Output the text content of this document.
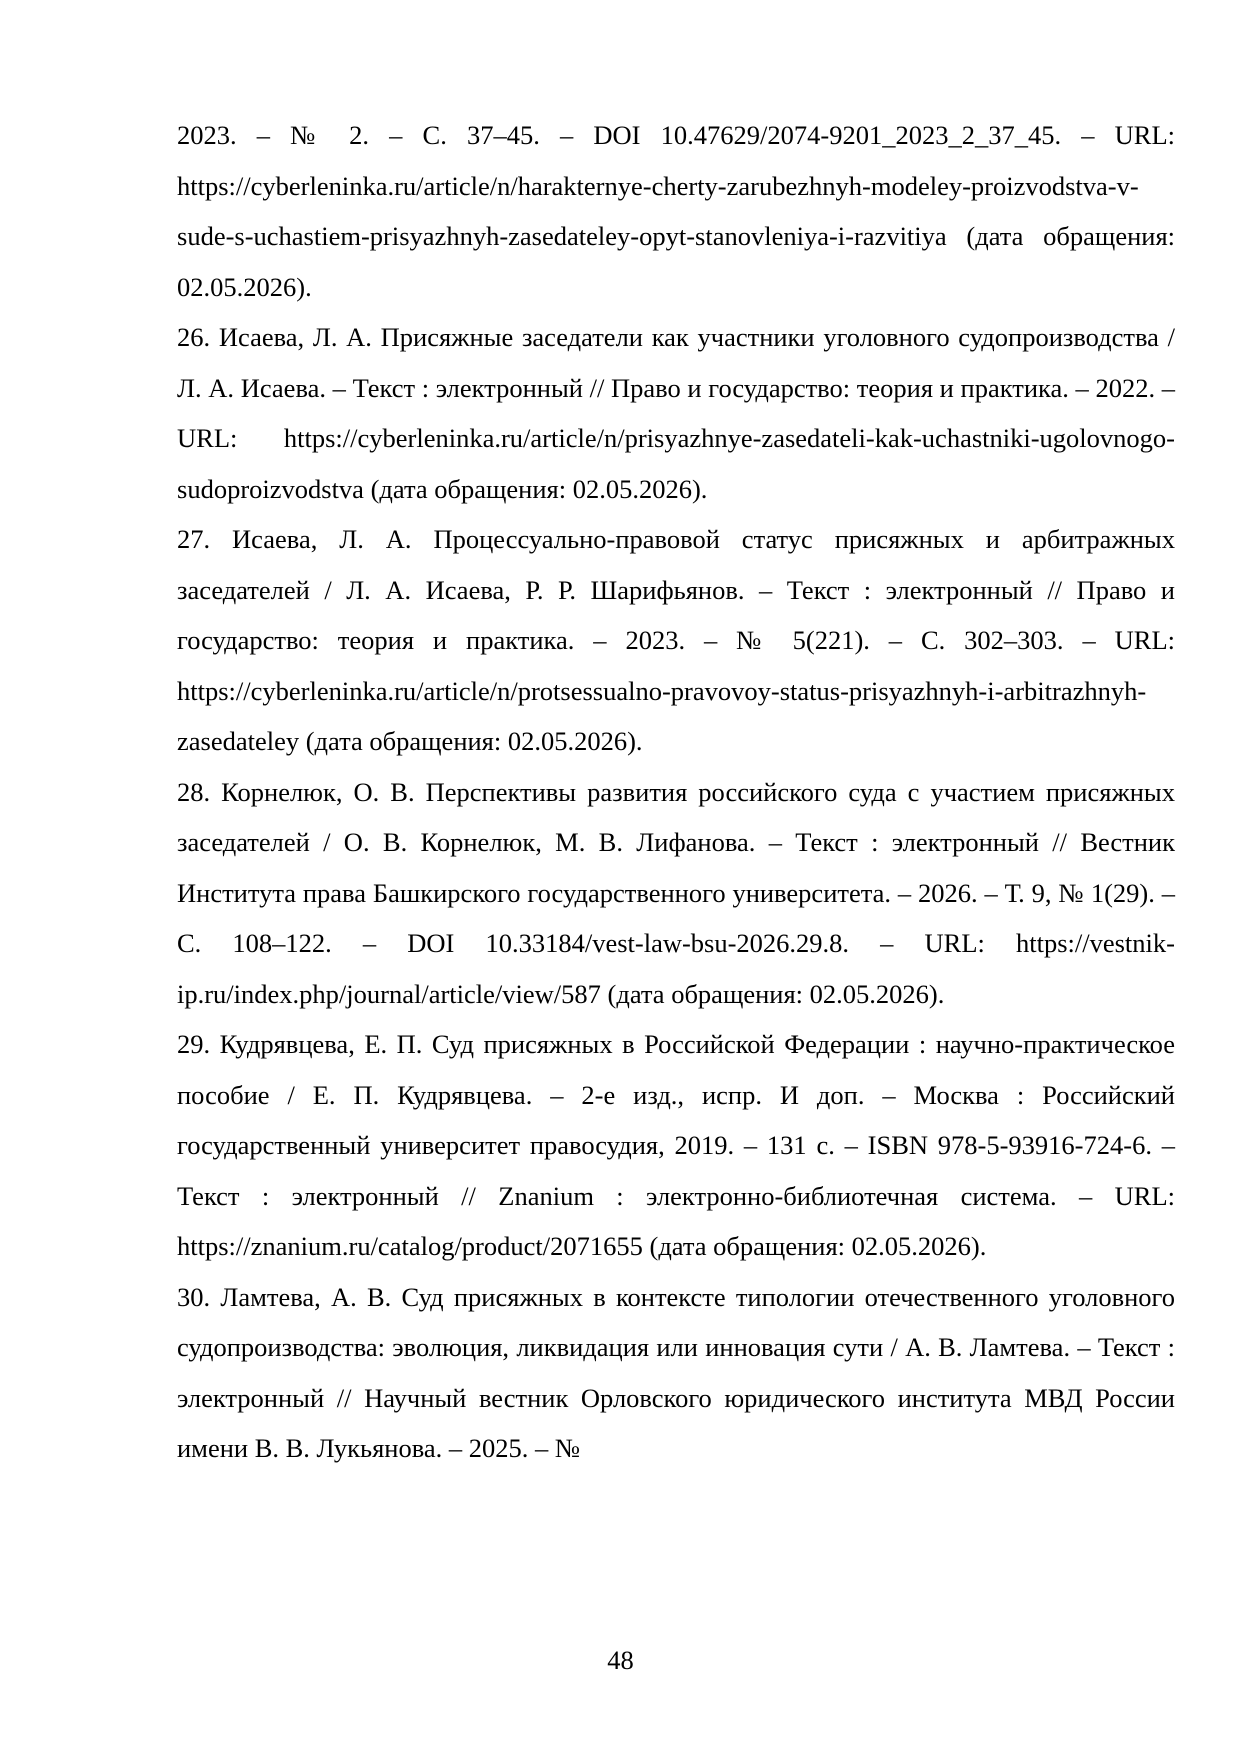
2023. – № 2. – С. 37–45. – DOI 10.47629/2074-9201_2023_2_37_45. – URL: https://cyberleninka.ru/article/n/harakternye-cherty-zarubezhnyh-modeley-proizvodstva-v-sude-s-uchastiem-prisyazhnyh-zasedateley-opyt-stanovleniya-i-razvitiya (дата обращения: 02.05.2026).

26. Исаева, Л. А. Присяжные заседатели как участники уголовного судопроизводства / Л. А. Исаева. – Текст : электронный // Право и государство: теория и практика. – 2022. – URL: https://cyberleninka.ru/article/n/prisyazhnye-zasedateli-kak-uchastniki-ugolovnogo-sudoproizvodstva (дата обращения: 02.05.2026).

27. Исаева, Л. А. Процессуально-правовой статус присяжных и арбитражных заседателей / Л. А. Исаева, Р. Р. Шарифьянов. – Текст : электронный // Право и государство: теория и практика. – 2023. – № 5(221). – С. 302–303. – URL: https://cyberleninka.ru/article/n/protsessualno-pravovoy-status-prisyazhnyh-i-arbitrazhnyh-zasedateley (дата обращения: 02.05.2026).

28. Корнелюк, О. В. Перспективы развития российского суда с участием присяжных заседателей / О. В. Корнелюк, М. В. Лифанова. – Текст : электронный // Вестник Института права Башкирского государственного университета. – 2026. – Т. 9, № 1(29). – С. 108–122. – DOI 10.33184/vest-law-bsu-2026.29.8. – URL: https://vestnik-ip.ru/index.php/journal/article/view/587 (дата обращения: 02.05.2026).

29. Кудрявцева, Е. П. Суд присяжных в Российской Федерации : научно-практическое пособие / Е. П. Кудрявцева. – 2-е изд., испр. И доп. – Москва : Российский государственный университет правосудия, 2019. – 131 с. – ISBN 978-5-93916-724-6. – Текст : электронный // Znanium : электронно-библиотечная система. – URL: https://znanium.ru/catalog/product/2071655 (дата обращения: 02.05.2026).

30. Ламтева, А. В. Суд присяжных в контексте типологии отечественного уголовного судопроизводства: эволюция, ликвидация или инновация сути / А. В. Ламтева. – Текст : электронный // Научный вестник Орловского юридического института МВД России имени В. В. Лукьянова. – 2025. – №

48
